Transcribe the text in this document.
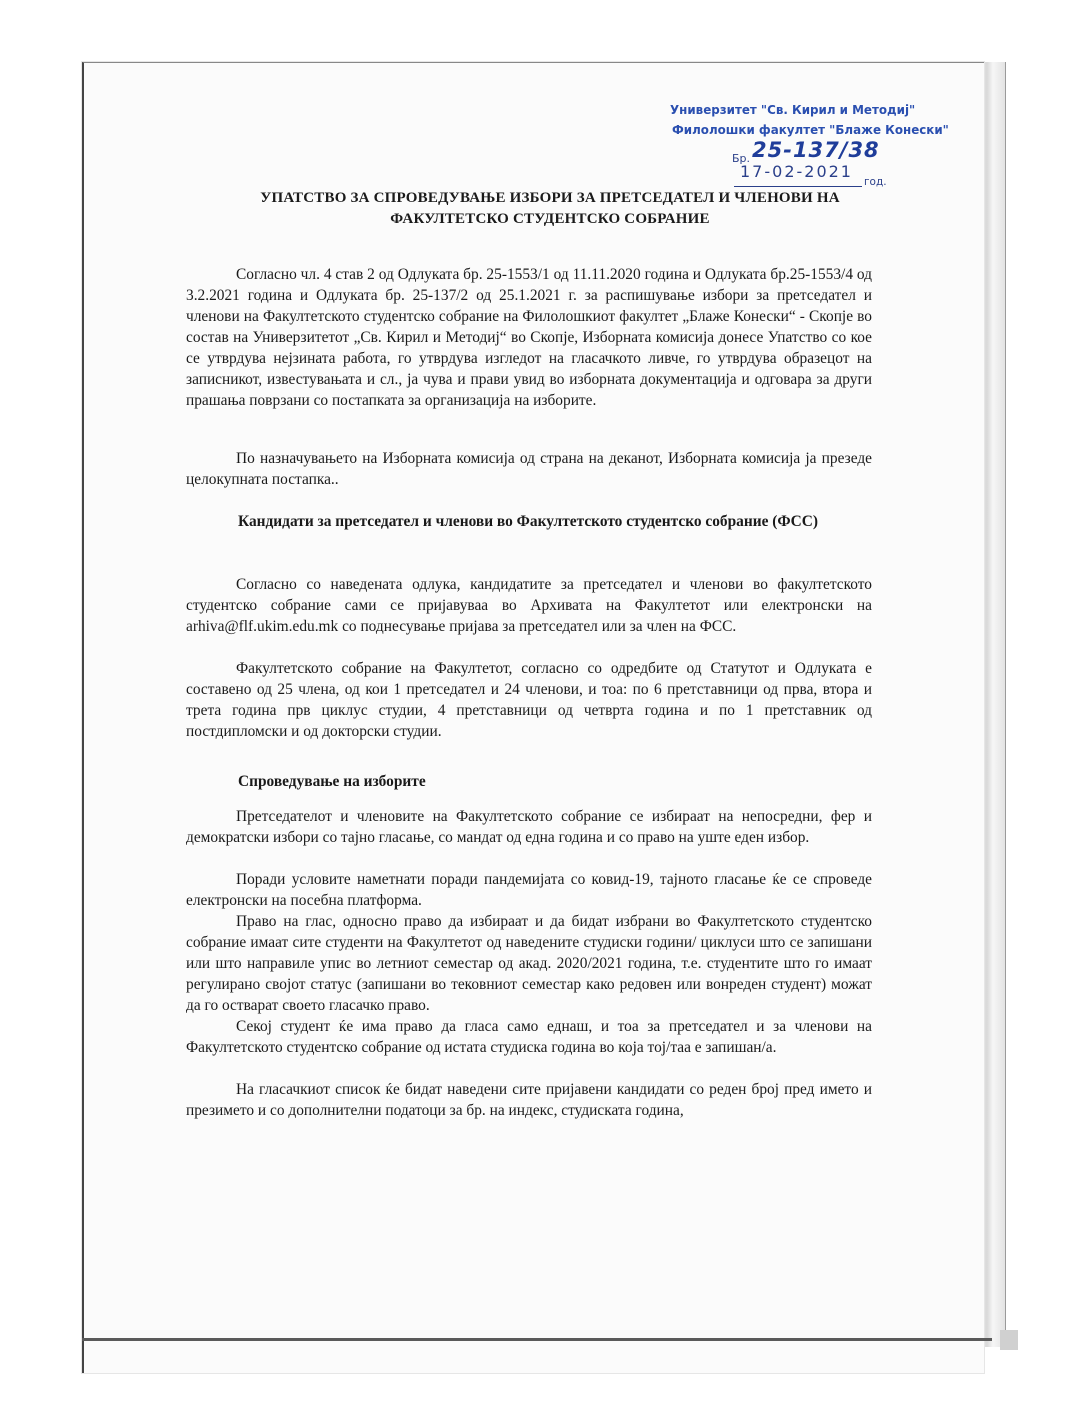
Универзитет "Св. Кирил и Методиј"
Филолошки факултет "Блаже Конески"
Бр. 25-137/38
17-02-2021
год.
УПАТСТВО ЗА СПРОВЕДУВАЊЕ ИЗБОРИ ЗА ПРЕТСЕДАТЕЛ И ЧЛЕНОВИ НА ФАКУЛТЕТСКО СТУДЕНТСКО СОБРАНИЕ
Согласно чл. 4 став 2 од Одлуката бр. 25-1553/1 од 11.11.2020 година и Одлуката бр.25-1553/4 од 3.2.2021 година и Одлуката бр. 25-137/2 од 25.1.2021 г. за распишување избори за претседател и членови на Факултетското студентско собрание на Филолошкиот факултет „Блаже Конески“ - Скопје во состав на Универзитетот „Св. Кирил и Методиј“ во Скопје, Изборната комисија донесе Упатство со кое се утврдува нејзината работа, го утврдува изгледот на гласачкото ливче, го утврдува образецот на записникот, известувањата и сл., ја чува и прави увид во изборната документација и одговара за други прашања поврзани со постапката за организација на изборите.
По назначувањето на Изборната комисија од страна на деканот, Изборната комисија ја презеде целокупната постапка..
Кандидати за претседател и членови во Факултетското студентско собрание (ФСС)
Согласно со наведената одлука, кандидатите за претседател и членови во факултетското студентско собрание сами се пријавуваа во Архивата на Факултетот или електронски на arhiva@flf.ukim.edu.mk со поднесување пријава за претседател или за член на ФСС.
Факултетското собрание на Факултетот, согласно со одредбите од Статутот и Одлуката е составено од 25 члена, од кои 1 претседател и 24 членови, и тоа: по 6 претставници од прва, втора и трета година прв циклус студии, 4 претставници од четврта година и по 1 претставник од постдипломски и од докторски студии.
Спроведување на изборите
Претседателот и членовите на Факултетското собрание се избираат на непосредни, фер и демократски избори со тајно гласање, со мандат од една година и со право на уште еден избор.
Поради условите наметнати поради пандемијата со ковид-19, тајното гласање ќе се спроведе електронски на посебна платформа.
Право на глас, односно право да избираат и да бидат избрани во Факултетското студентско собрание имаат сите студенти на Факултетот од наведените студиски години/ циклуси што се запишани или што направиле упис во летниот семестар од акад. 2020/2021 година, т.е. студентите што го имаат регулирано својот статус (запишани во тековниот семестар како редовен или вонреден студент) можат да го остварат своето гласачко право.
Секој студент ќе има право да гласа само еднаш, и тоа за претседател и за членови на Факултетското студентско собрание од истата студиска година во која тој/таа е запишан/а.
На гласачкиот список ќе бидат наведени сите пријавени кандидати со реден број пред името и презимето и со дополнителни податоци за бр. на индекс, студиската година,
